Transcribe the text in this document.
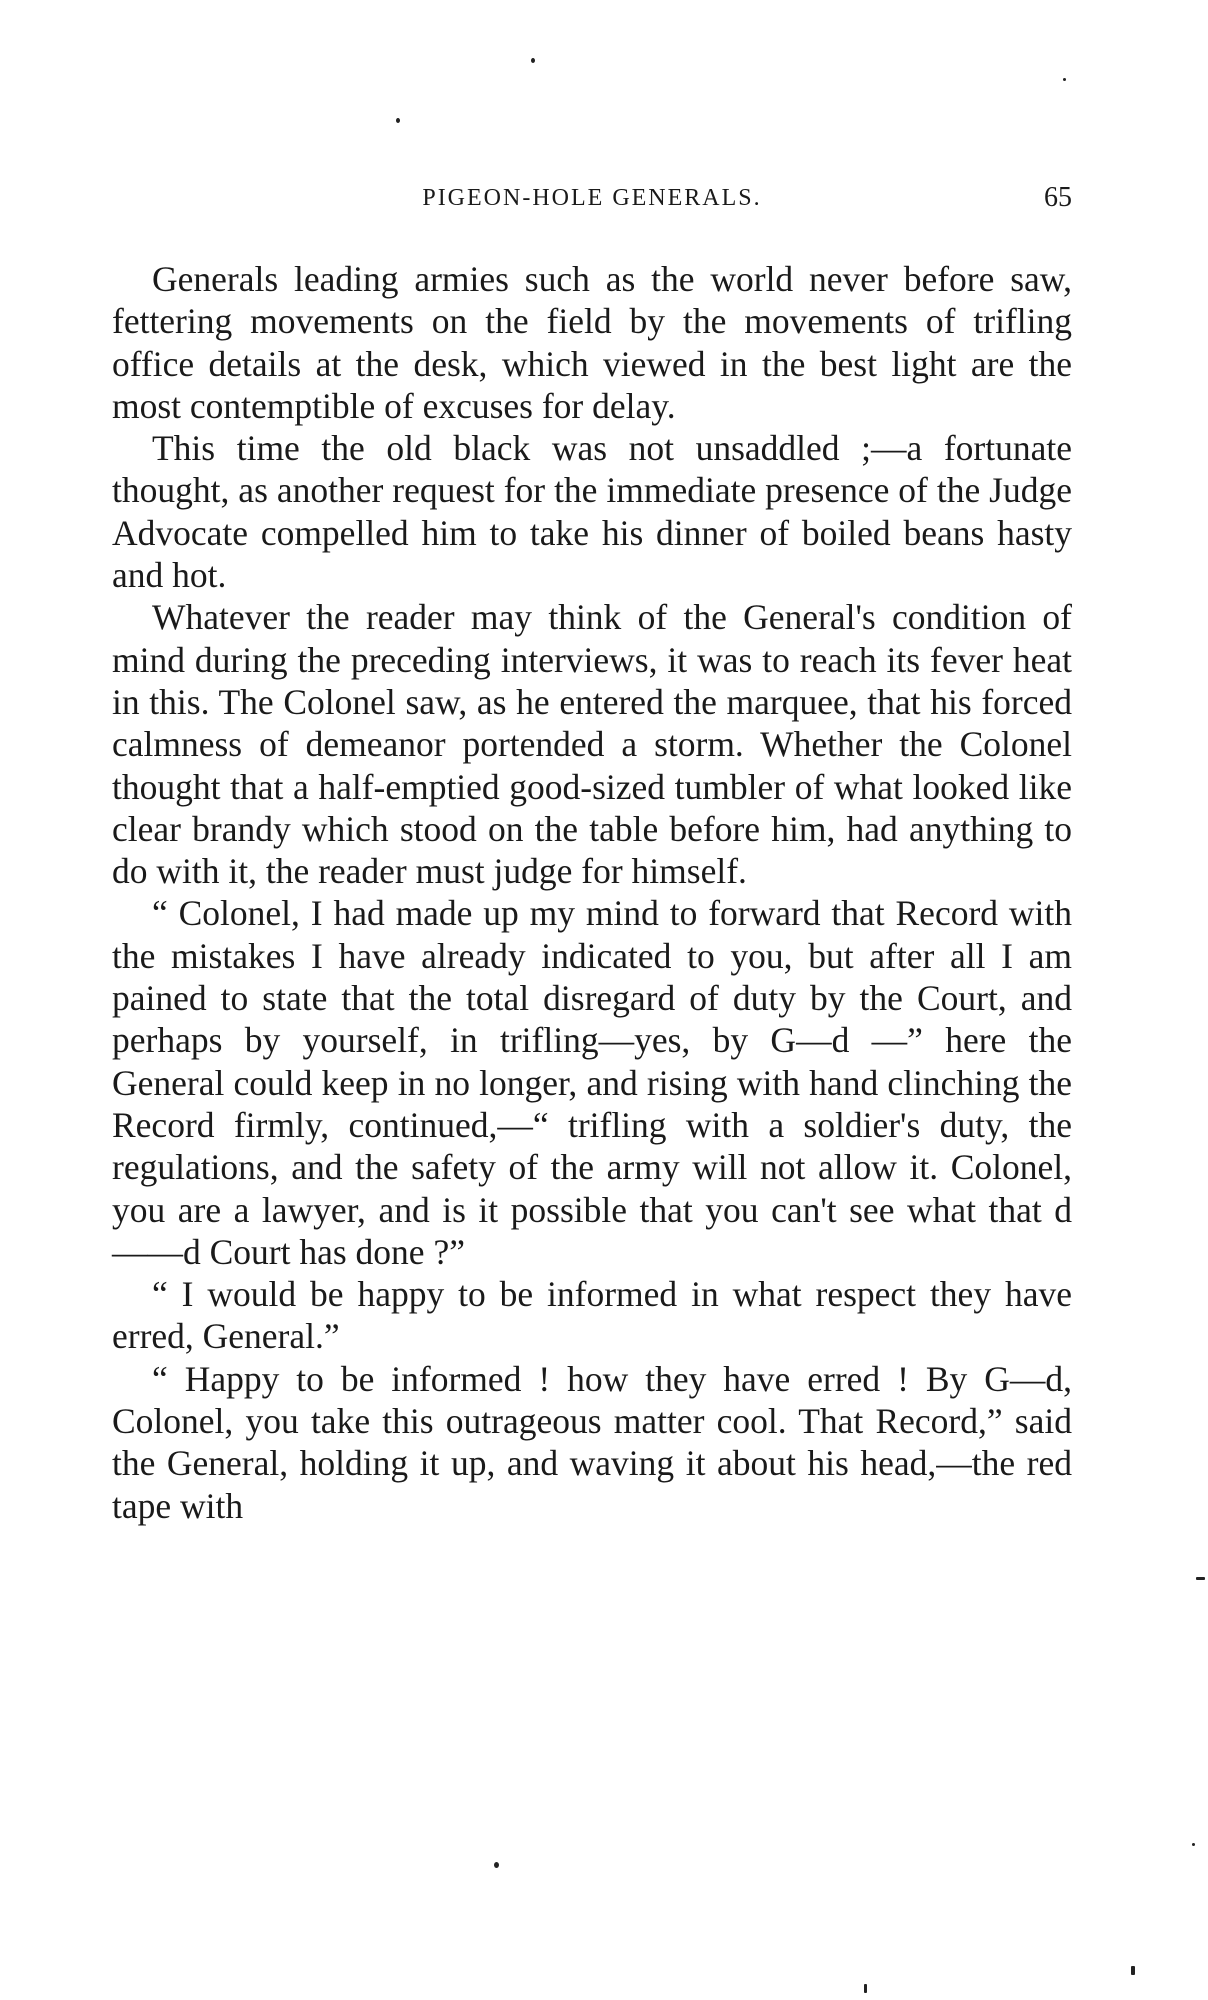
PIGEON-HOLE GENERALS.	65

Generals leading armies such as the world never before saw, fettering movements on the field by the movements of trifling office details at the desk, which viewed in the best light are the most contemptible of excuses for delay.

This time the old black was not unsaddled ;—a fortunate thought, as another request for the immediate presence of the Judge Advocate compelled him to take his dinner of boiled beans hasty and hot.

Whatever the reader may think of the General's condition of mind during the preceding interviews, it was to reach its fever heat in this. The Colonel saw, as he entered the marquee, that his forced calmness of demeanor portended a storm. Whether the Colonel thought that a half-emptied good-sized tumbler of what looked like clear brandy which stood on the table before him, had anything to do with it, the reader must judge for himself.

“ Colonel, I had made up my mind to forward that Record with the mistakes I have already indicated to you, but after all I am pained to state that the total disregard of duty by the Court, and perhaps by yourself, in trifling—yes, by G—d —” here the General could keep in no longer, and rising with hand clinching the Record firmly, continued,—“ trifling with a soldier's duty, the regulations, and the safety of the army will not allow it. Colonel, you are a lawyer, and is it possible that you can't see what that d——d Court has done ?”

“ I would be happy to be informed in what respect they have erred, General.”

“ Happy to be informed ! how they have erred ! By G—d, Colonel, you take this outrageous matter cool. That Record,” said the General, holding it up, and waving it about his head,—the red tape with
